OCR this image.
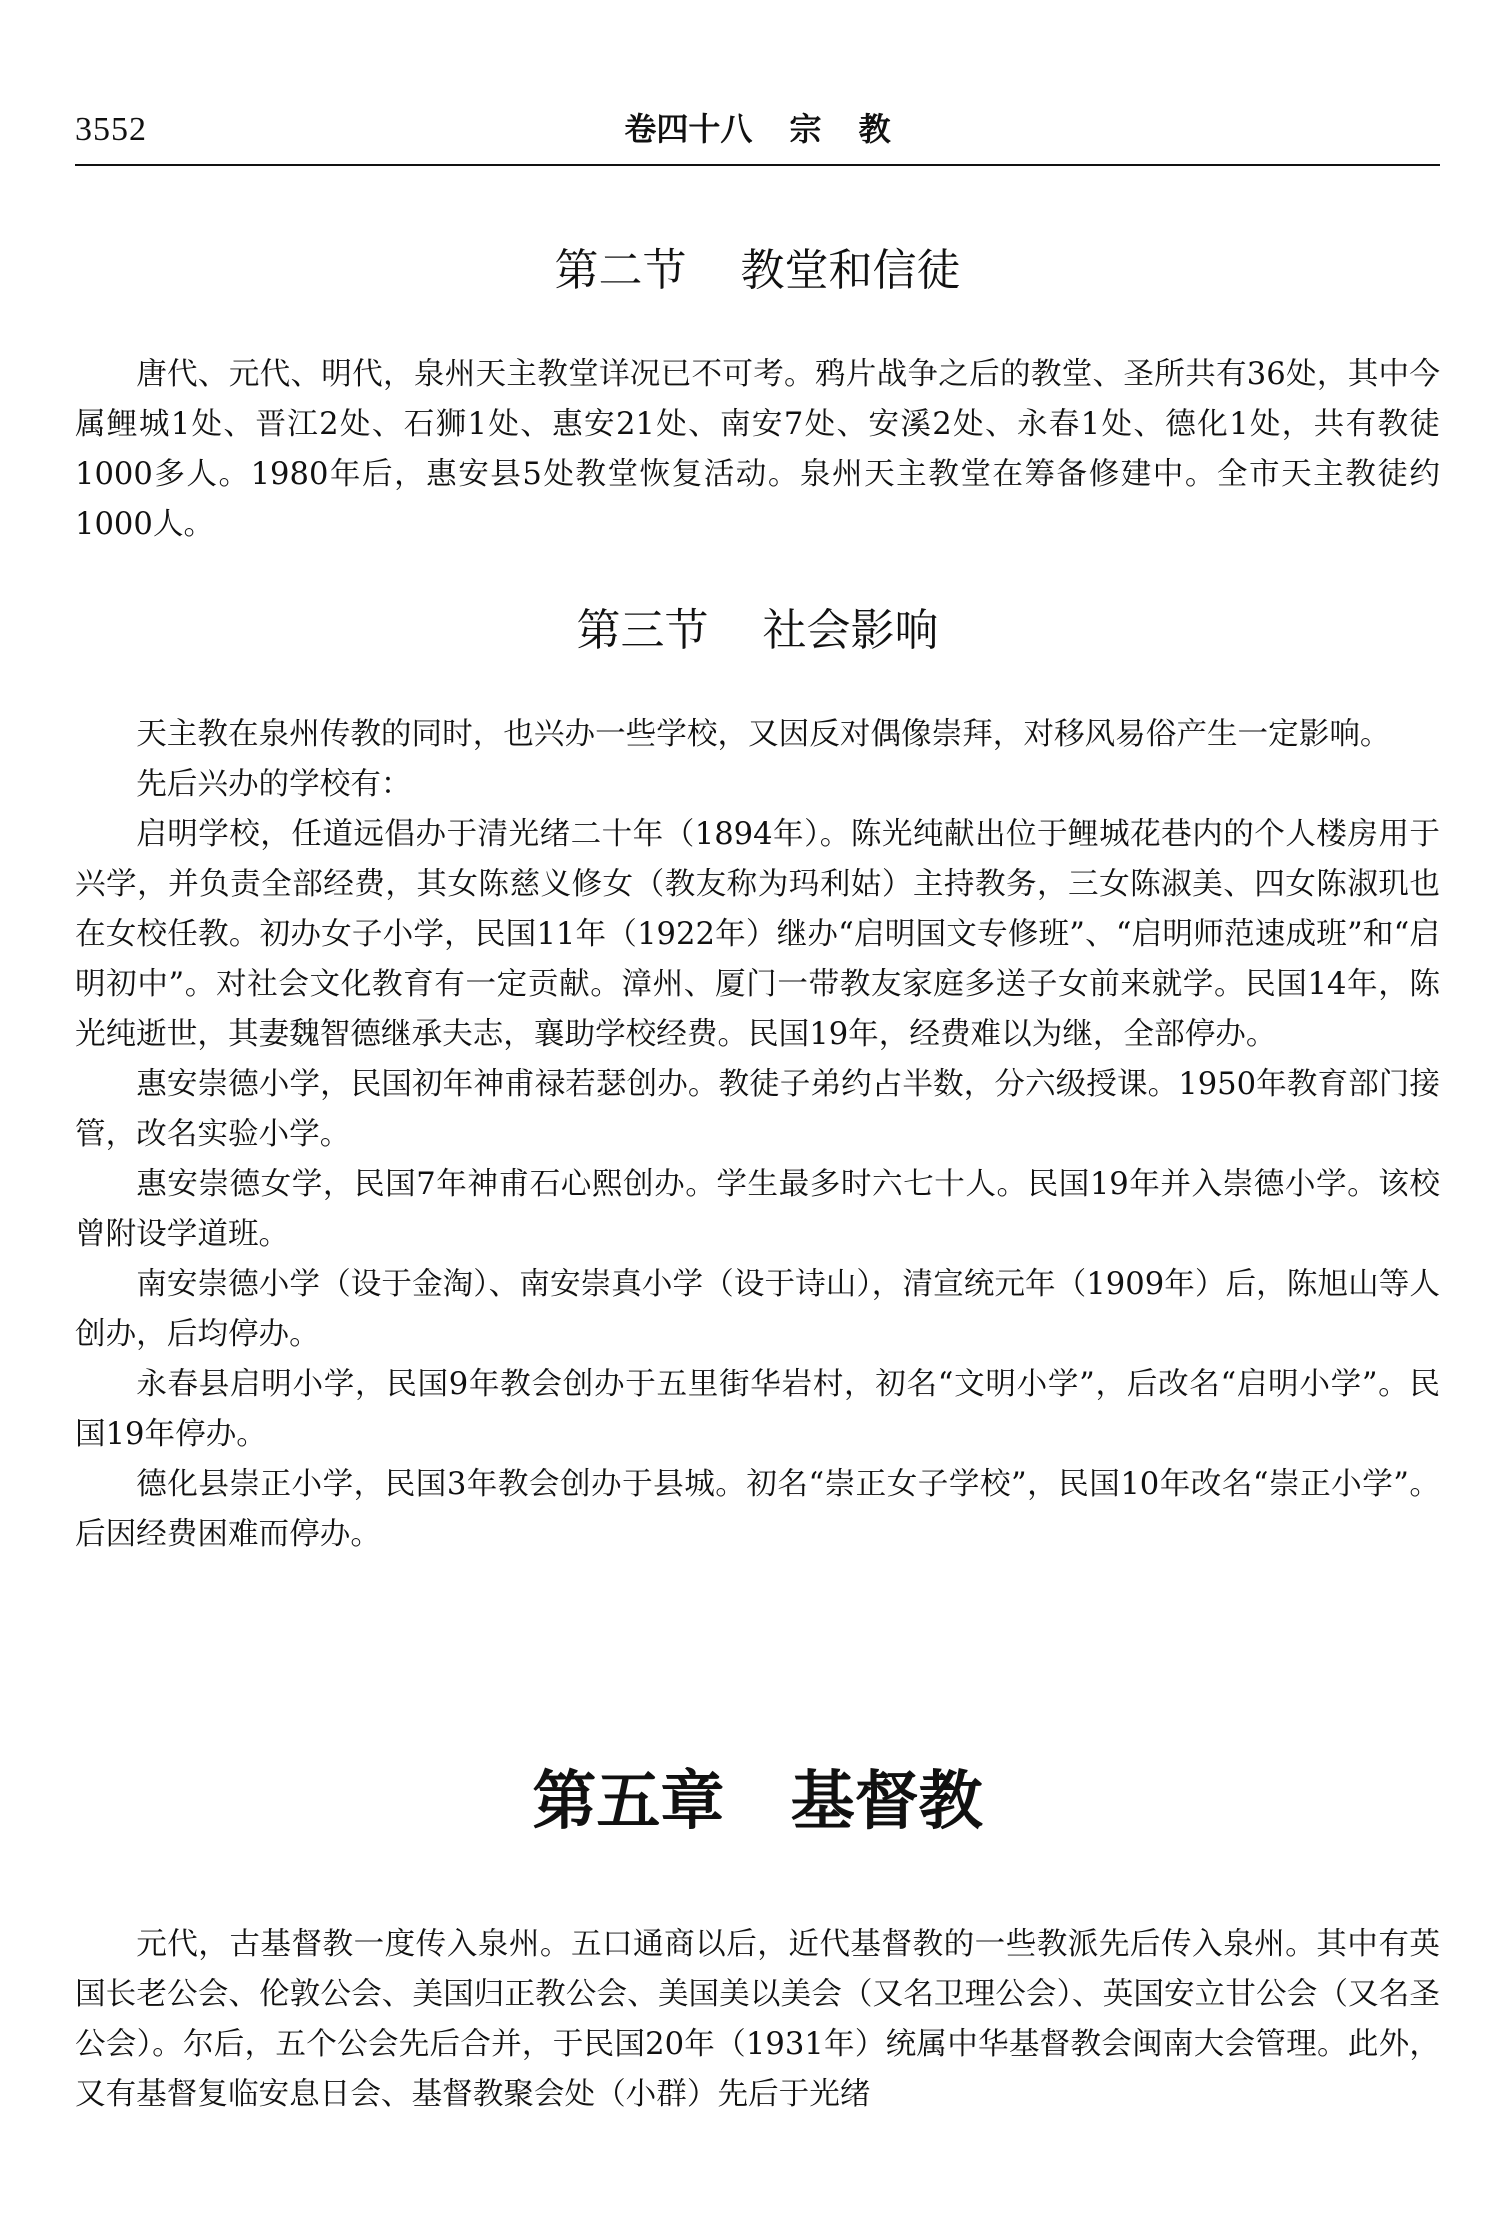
3552	卷四十八 宗 教
第二节 教堂和信徒

唐代、元代、明代，泉州天主教堂详况已不可考。鸦片战争之后的教堂、圣所共有36处，其中今属鲤城1处、晋江2处、石狮1处、惠安21处、南安7处、安溪2处、永春1处、德化1处，共有教徒1000多人。1980年后，惠安县5处教堂恢复活动。泉州天主教堂在筹备修建中。全市天主教徒约1000人。

第三节 社会影响

天主教在泉州传教的同时，也兴办一些学校，又因反对偶像崇拜，对移风易俗产生一定影响。

先后兴办的学校有：

启明学校，任道远倡办于清光绪二十年（1894年）。陈光纯献出位于鲤城花巷内的个人楼房用于兴学，并负责全部经费，其女陈慈义修女（教友称为玛利姑）主持教务，三女陈淑美、四女陈淑玑也在女校任教。初办女子小学，民国11年（1922年）继办“启明国文专修班”、“启明师范速成班”和“启明初中”。对社会文化教育有一定贡献。漳州、厦门一带教友家庭多送子女前来就学。民国14年，陈光纯逝世，其妻魏智德继承夫志，襄助学校经费。民国19年，经费难以为继，全部停办。

惠安崇德小学，民国初年神甫禄若瑟创办。教徒子弟约占半数，分六级授课。1950年教育部门接管，改名实验小学。

惠安崇德女学，民国7年神甫石心熙创办。学生最多时六七十人。民国19年并入崇德小学。该校曾附设学道班。

南安崇德小学（设于金淘）、南安崇真小学（设于诗山），清宣统元年（1909年）后，陈旭山等人创办，后均停办。

永春县启明小学，民国9年教会创办于五里街华岩村，初名“文明小学”，后改名“启明小学”。民国19年停办。

德化县崇正小学，民国3年教会创办于县城。初名“崇正女子学校”，民国10年改名“崇正小学”。后因经费困难而停办。

第五章 基督教

元代，古基督教一度传入泉州。五口通商以后，近代基督教的一些教派先后传入泉州。其中有英国长老公会、伦敦公会、美国归正教公会、美国美以美会（又名卫理公会）、英国安立甘公会（又名圣公会）。尔后，五个公会先后合并，于民国20年（1931年）统属中华基督教会闽南大会管理。此外，又有基督复临安息日会、基督教聚会处（小群）先后于光绪
